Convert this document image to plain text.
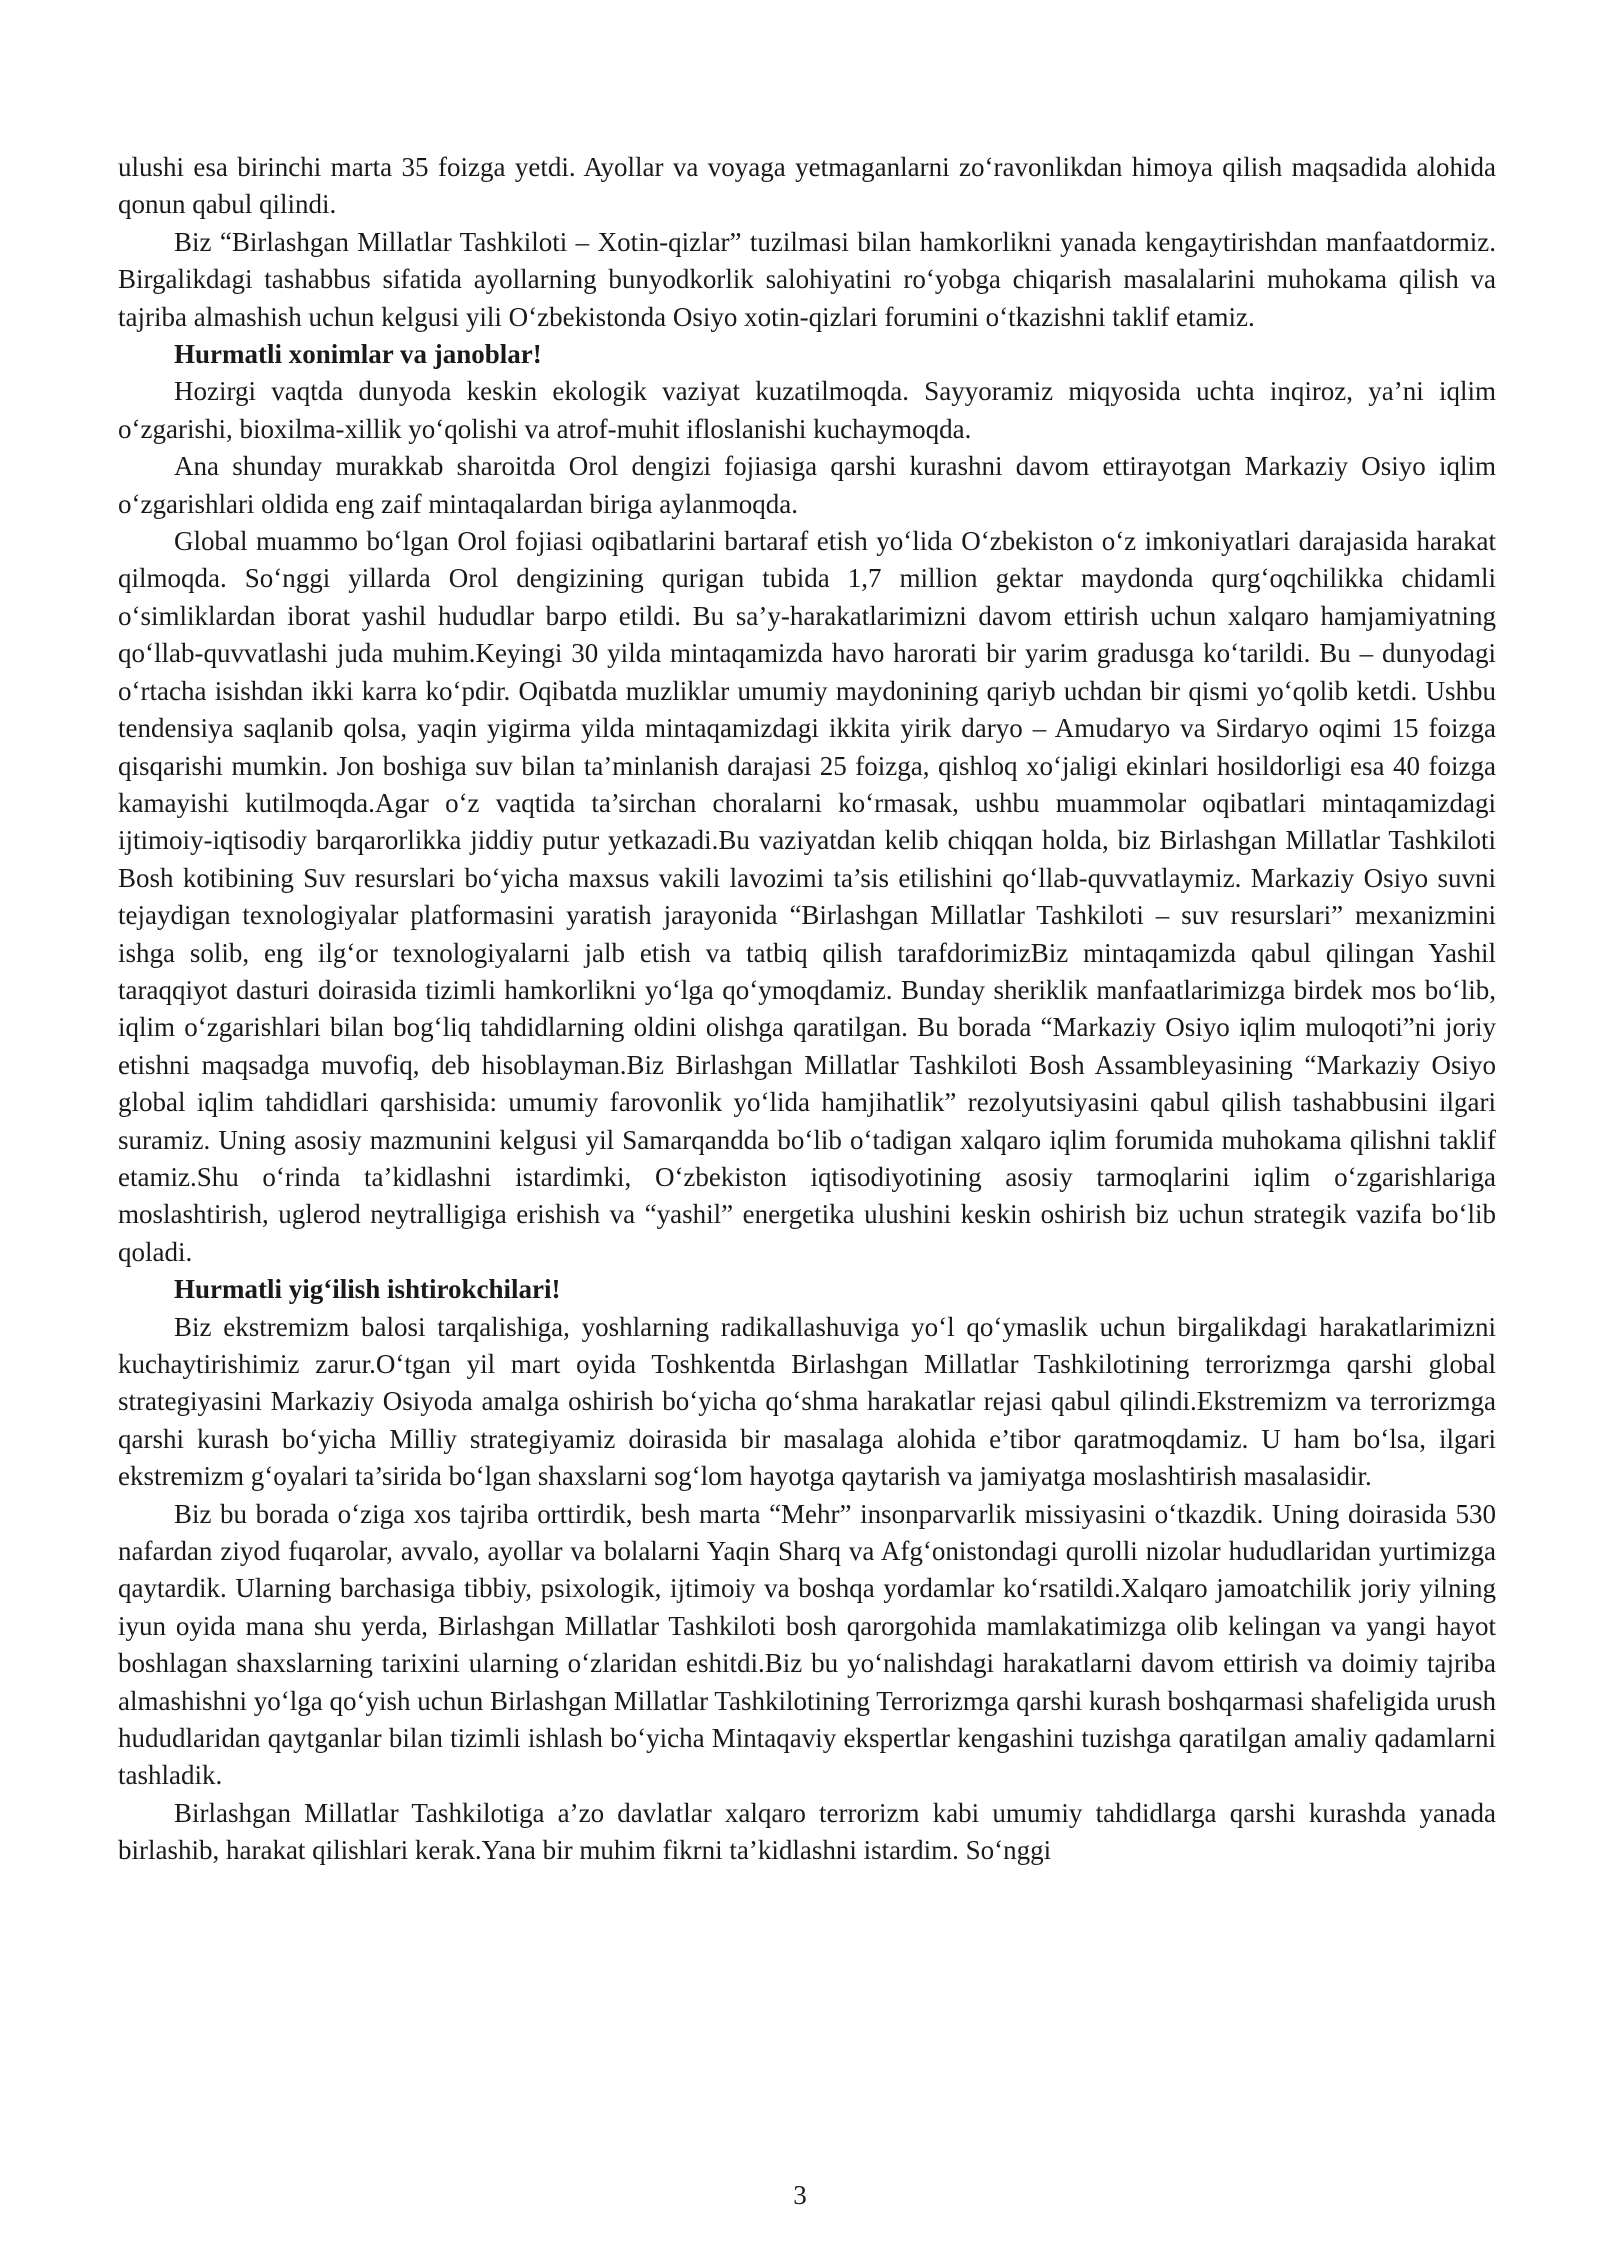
ulushi esa birinchi marta 35 foizga yetdi. Ayollar va voyaga yetmaganlarni zo‘ravonlikdan himoya qilish maqsadida alohida qonun qabul qilindi.

Biz “Birlashgan Millatlar Tashkiloti – Xotin-qizlar” tuzilmasi bilan hamkorlikni yanada kengaytirishdan manfaatdormiz. Birgalikdagi tashabbus sifatida ayollarning bunyodkorlik salohiyatini ro‘yobga chiqarish masalalarini muhokama qilish va tajriba almashish uchun kelgusi yili O‘zbekistonda Osiyo xotin-qizlari forumini o‘tkazishni taklif etamiz.

Hurmatli xonimlar va janoblar!

Hozirgi vaqtda dunyoda keskin ekologik vaziyat kuzatilmoqda. Sayyoramiz miqyosida uchta inqiroz, ya’ni iqlim o‘zgarishi, bioxilma-xillik yo‘qolishi va atrof-muhit ifloslanishi kuchaymoqda.

Ana shunday murakkab sharoitda Orol dengizi fojiasiga qarshi kurashni davom ettirayotgan Markaziy Osiyo iqlim o‘zgarishlari oldida eng zaif mintaqalardan biriga aylanmoqda.

Global muammo bo‘lgan Orol fojiasi oqibatlarini bartaraf etish yo‘lida O‘zbekiston o‘z imkoniyatlari darajasida harakat qilmoqda. So‘nggi yillarda Orol dengizining qurigan tubida 1,7 million gektar maydonda qurg‘oqchilikka chidamli o‘simliklardan iborat yashil hududlar barpo etildi. Bu sa’y-harakatlarimizni davom ettirish uchun xalqaro hamjamiyatning qo‘llab-quvvatlashi juda muhim.Keyingi 30 yilda mintaqamizda havo harorati bir yarim gradusga ko‘tarildi. Bu – dunyodagi o‘rtacha isishdan ikki karra ko‘pdir. Oqibatda muzliklar umumiy maydonining qariyb uchdan bir qismi yo‘qolib ketdi. Ushbu tendensiya saqlanib qolsa, yaqin yigirma yilda mintaqamizdagi ikkita yirik daryo – Amudaryo va Sirdaryo oqimi 15 foizga qisqarishi mumkin. Jon boshiga suv bilan ta’minlanish darajasi 25 foizga, qishloq xo‘jaligi ekinlari hosildorligi esa 40 foizga kamayishi kutilmoqda.Agar o‘z vaqtida ta’sirchan choralarni ko‘rmasak, ushbu muammolar oqibatlari mintaqamizdagi ijtimoiy-iqtisodiy barqarorlikka jiddiy putur yetkazadi.Bu vaziyatdan kelib chiqqan holda, biz Birlashgan Millatlar Tashkiloti Bosh kotibining Suv resurslari bo‘yicha maxsus vakili lavozimi ta’sis etilishini qo‘llab-quvvatlaymiz. Markaziy Osiyo suvni tejaydigan texnologiyalar platformasini yaratish jarayonida “Birlashgan Millatlar Tashkiloti – suv resurslari” mexanizmini ishga solib, eng ilg‘or texnologiyalarni jalb etish va tatbiq qilish tarafdorimizBiz mintaqamizda qabul qilingan Yashil taraqqiyot dasturi doirasida tizimli hamkorlikni yo‘lga qo‘ymoqdamiz. Bunday sheriklik manfaatlarimizga birdek mos bo‘lib, iqlim o‘zgarishlari bilan bog‘liq tahdidlarning oldini olishga qaratilgan. Bu borada “Markaziy Osiyo iqlim muloqoti”ni joriy etishni maqsadga muvofiq, deb hisoblayman.Biz Birlashgan Millatlar Tashkiloti Bosh Assambleyasining “Markaziy Osiyo global iqlim tahdidlari qarshisida: umumiy farovonlik yo‘lida hamjihatlik” rezolyutsiyasini qabul qilish tashabbusini ilgari suramiz. Uning asosiy mazmunini kelgusi yil Samarqandda bo‘lib o‘tadigan xalqaro iqlim forumida muhokama qilishni taklif etamiz.Shu o‘rinda ta’kidlashni istardimki, O‘zbekiston iqtisodiyotining asosiy tarmoqlarini iqlim o‘zgarishlariga moslashtirish, uglerod neytralligiga erishish va “yashil” energetika ulushini keskin oshirish biz uchun strategik vazifa bo‘lib qoladi.

Hurmatli yig‘ilish ishtirokchilari!

Biz ekstremizm balosi tarqalishiga, yoshlarning radikallashuviga yo‘l qo‘ymaslik uchun birgalikdagi harakatlarimizni kuchaytirishimiz zarur.O‘tgan yil mart oyida Toshkentda Birlashgan Millatlar Tashkilotining terrorizmga qarshi global strategiyasini Markaziy Osiyoda amalga oshirish bo‘yicha qo‘shma harakatlar rejasi qabul qilindi.Ekstremizm va terrorizmga qarshi kurash bo‘yicha Milliy strategiyamiz doirasida bir masalaga alohida e’tibor qaratmoqdamiz. U ham bo‘lsa, ilgari ekstremizm g‘oyalari ta’sirida bo‘lgan shaxslarni sog‘lom hayotga qaytarish va jamiyatga moslashtirish masalasidir.

Biz bu borada o‘ziga xos tajriba orttirdik, besh marta “Mehr” insonparvarlik missiyasini o‘tkazdik. Uning doirasida 530 nafardan ziyod fuqarolar, avvalo, ayollar va bolalarni Yaqin Sharq va Afg‘onistondagi qurolli nizolar hududlaridan yurtimizga qaytardik. Ularning barchasiga tibbiy, psixologik, ijtimoiy va boshqa yordamlar ko‘rsatildi.Xalqaro jamoatchilik joriy yilning iyun oyida mana shu yerda, Birlashgan Millatlar Tashkiloti bosh qarorgohida mamlakatimizga olib kelingan va yangi hayot boshlagan shaxslarning tarixini ularning o‘zlaridan eshitdi.Biz bu yo‘nalishdagi harakatlarni davom ettirish va doimiy tajriba almashishni yo‘lga qo‘yish uchun Birlashgan Millatlar Tashkilotining Terrorizmga qarshi kurash boshqarmasi shafeligida urush hududlaridan qaytganlar bilan tizimli ishlash bo‘yicha Mintaqaviy ekspertlar kengashini tuzishga qaratilgan amaliy qadamlarni tashladik.

Birlashgan Millatlar Tashkilotiga a’zo davlatlar xalqaro terrorizm kabi umumiy tahdidlarga qarshi kurashda yanada birlashib, harakat qilishlari kerak.Yana bir muhim fikrni ta’kidlashni istardim. So‘nggi

3
